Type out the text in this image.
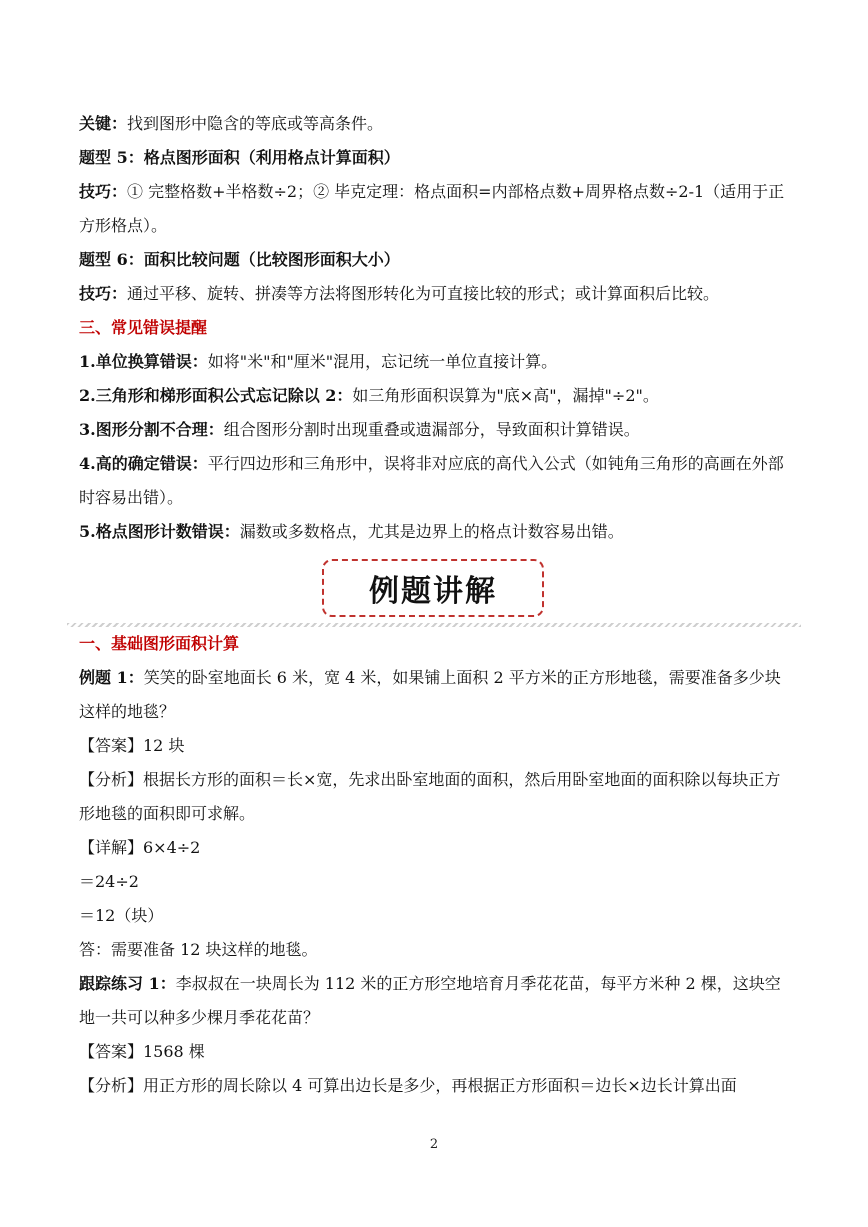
关键：找到图形中隐含的等底或等高条件。

题型 5：格点图形面积（利用格点计算面积）

技巧：① 完整格数+半格数÷2；② 毕克定理：格点面积=内部格点数+周界格点数÷2-1（适用于正方形格点）。

题型 6：面积比较问题（比较图形面积大小）

技巧：通过平移、旋转、拼凑等方法将图形转化为可直接比较的形式；或计算面积后比较。

三、常见错误提醒

1.单位换算错误：如将"米"和"厘米"混用，忘记统一单位直接计算。

2.三角形和梯形面积公式忘记除以 2：如三角形面积误算为"底×高"，漏掉"÷2"。

3.图形分割不合理：组合图形分割时出现重叠或遗漏部分，导致面积计算错误。

4.高的确定错误：平行四边形和三角形中，误将非对应底的高代入公式（如钝角三角形的高画在外部时容易出错）。

5.格点图形计数错误：漏数或多数格点，尤其是边界上的格点计数容易出错。

例题讲解

一、基础图形面积计算

例题 1：笑笑的卧室地面长 6 米，宽 4 米，如果铺上面积 2 平方米的正方形地毯，需要准备多少块这样的地毯？

【答案】12 块

【分析】根据长方形的面积＝长×宽，先求出卧室地面的面积，然后用卧室地面的面积除以每块正方形地毯的面积即可求解。

【详解】6×4÷2

＝24÷2

＝12（块）

答：需要准备 12 块这样的地毯。

跟踪练习 1：李叔叔在一块周长为 112 米的正方形空地培育月季花花苗，每平方米种 2 棵，这块空地一共可以种多少棵月季花花苗？

【答案】1568 棵

【分析】用正方形的周长除以 4 可算出边长是多少，再根据正方形面积＝边长×边长计算出面

2
